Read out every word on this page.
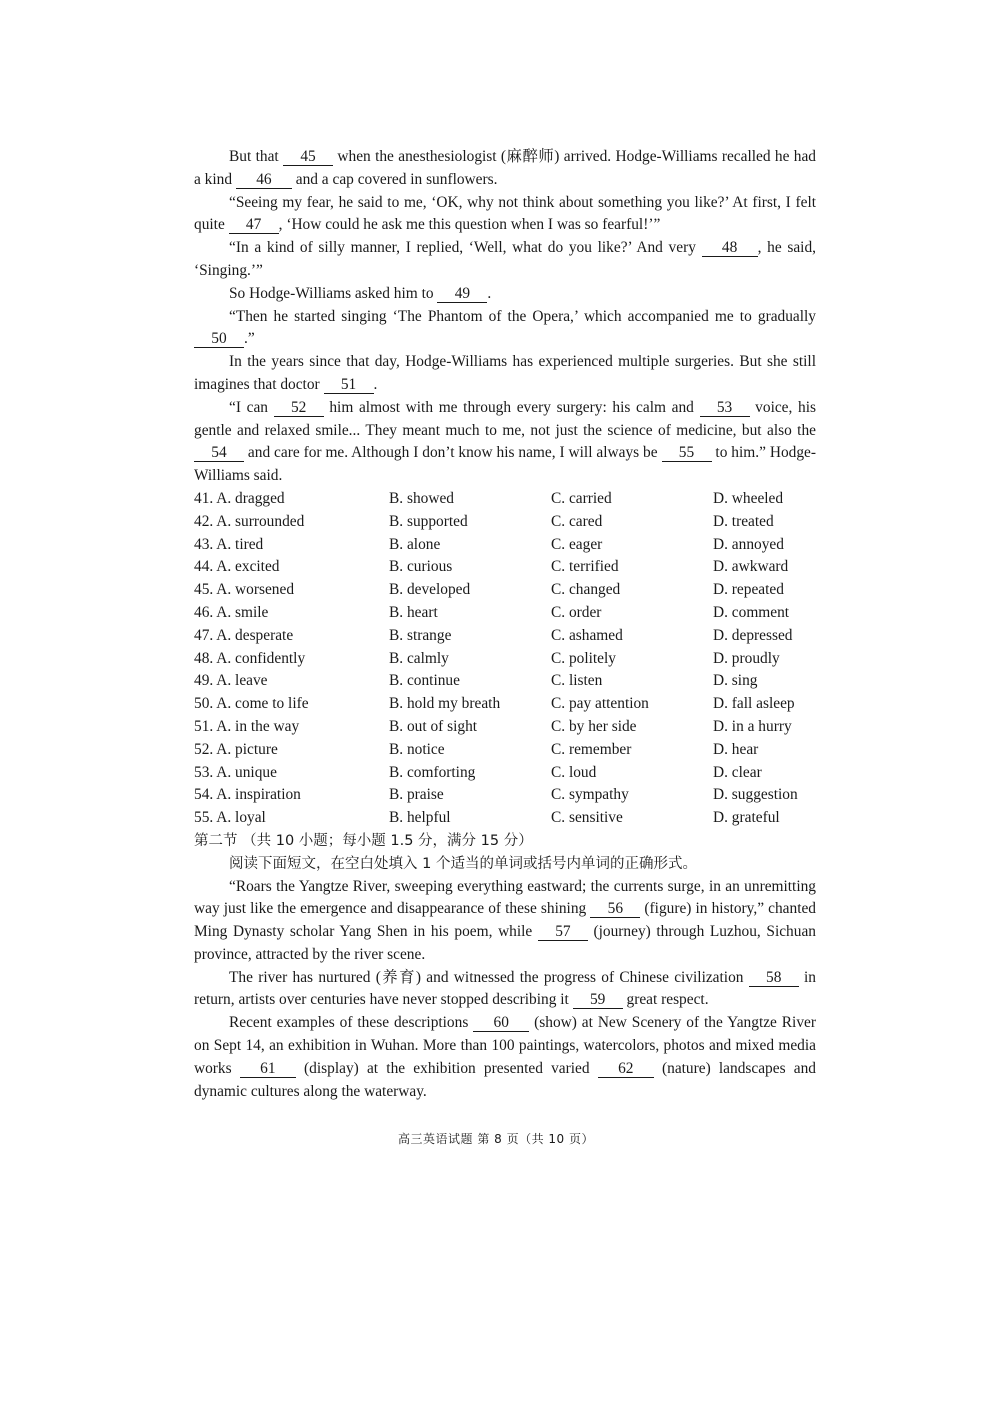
But that 45 when the anesthesiologist (麻醉师) arrived. Hodge-Williams recalled he had a kind 46 and a cap covered in sunflowers.

“Seeing my fear, he said to me, ‘OK, why not think about something you like?’ At first, I felt quite 47 , ‘How could he ask me this question when I was so fearful!’”

“In a kind of silly manner, I replied, ‘Well, what do you like?’ And very 48 , he said, ‘Singing.’”

So Hodge-Williams asked him to 49 .

“Then he started singing ‘The Phantom of the Opera,’ which accompanied me to gradually 50 .”

In the years since that day, Hodge-Williams has experienced multiple surgeries. But she still imagines that doctor 51 .

“I can 52 him almost with me through every surgery: his calm and 53 voice, his gentle and relaxed smile... They meant much to me, not just the science of medicine, but also the 54 and care for me. Although I don’t know his name, I will always be 55 to him.” Hodge-Williams said.

41. A. dragged	B. showed	C. carried	D. wheeled
42. A. surrounded	B. supported	C. cared	D. treated
43. A. tired	B. alone	C. eager	D. annoyed
44. A. excited	B. curious	C. terrified	D. awkward
45. A. worsened	B. developed	C. changed	D. repeated
46. A. smile	B. heart	C. order	D. comment
47. A. desperate	B. strange	C. ashamed	D. depressed
48. A. confidently	B. calmly	C. politely	D. proudly
49. A. leave	B. continue	C. listen	D. sing
50. A. come to life	B. hold my breath	C. pay attention	D. fall asleep
51. A. in the way	B. out of sight	C. by her side	D. in a hurry
52. A. picture	B. notice	C. remember	D. hear
53. A. unique	B. comforting	C. loud	D. clear
54. A. inspiration	B. praise	C. sympathy	D. suggestion
55. A. loyal	B. helpful	C. sensitive	D. grateful

第二节 （共 10 小题；每小题 1.5 分，满分 15 分）

阅读下面短文，在空白处填入 1 个适当的单词或括号内单词的正确形式。

“Roars the Yangtze River, sweeping everything eastward; the currents surge, in an unremitting way just like the emergence and disappearance of these shining 56 (figure) in history,” chanted Ming Dynasty scholar Yang Shen in his poem, while 57 (journey) through Luzhou, Sichuan province, attracted by the river scene.

The river has nurtured (养育) and witnessed the progress of Chinese civilization 58 in return, artists over centuries have never stopped describing it 59 great respect.

Recent examples of these descriptions 60 (show) at New Scenery of the Yangtze River on Sept 14, an exhibition in Wuhan. More than 100 paintings, watercolors, photos and mixed media works 61 (display) at the exhibition presented varied 62 (nature) landscapes and dynamic cultures along the waterway.

高三英语试题 第 8 页（共 10 页）
